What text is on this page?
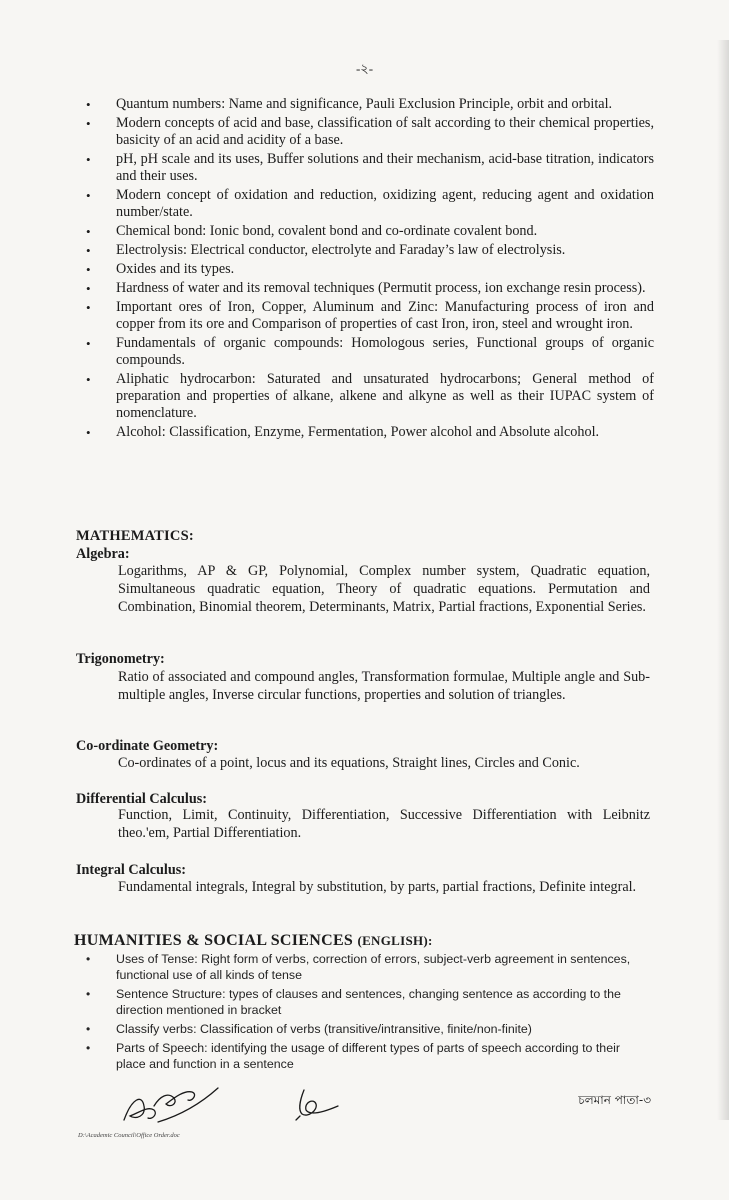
-২-
• Quantum numbers: Name and significance, Pauli Exclusion Principle, orbit and orbital.
• Modern concepts of acid and base, classification of salt according to their chemical properties, basicity of an acid and acidity of a base.
• pH, pH scale and its uses, Buffer solutions and their mechanism, acid-base titration, indicators and their uses.
• Modern concept of oxidation and reduction, oxidizing agent, reducing agent and oxidation number/state.
• Chemical bond: Ionic bond, covalent bond and co-ordinate covalent bond.
• Electrolysis: Electrical conductor, electrolyte and Faraday’s law of electrolysis.
• Oxides and its types.
• Hardness of water and its removal techniques (Permutit process, ion exchange resin process).
• Important ores of Iron, Copper, Aluminum and Zinc: Manufacturing process of iron and copper from its ore and Comparison of properties of cast Iron, iron, steel and wrought iron.
• Fundamentals of organic compounds: Homologous series, Functional groups of organic compounds.
• Aliphatic hydrocarbon: Saturated and unsaturated hydrocarbons; General method of preparation and properties of alkane, alkene and alkyne as well as their IUPAC system of nomenclature.
• Alcohol: Classification, Enzyme, Fermentation, Power alcohol and Absolute alcohol.
MATHEMATICS:
Algebra:
Logarithms, AP & GP, Polynomial, Complex number system, Quadratic equation, Simultaneous quadratic equation, Theory of quadratic equations. Permutation and Combination, Binomial theorem, Determinants, Matrix, Partial fractions, Exponential Series.
Trigonometry:
Ratio of associated and compound angles, Transformation formulae, Multiple angle and Sub-multiple angles, Inverse circular functions, properties and solution of triangles.
Co-ordinate Geometry:
Co-ordinates of a point, locus and its equations, Straight lines, Circles and Conic.
Differential Calculus:
Function, Limit, Continuity, Differentiation, Successive Differentiation with Leibnitz theo.'em, Partial Differentiation.
Integral Calculus:
Fundamental integrals, Integral by substitution, by parts, partial fractions, Definite integral.
HUMANITIES & SOCIAL SCIENCES (ENGLISH):
• Uses of Tense: Right form of verbs, correction of errors, subject-verb agreement in sentences, functional use of all kinds of tense
• Sentence Structure: types of clauses and sentences, changing sentence as according to the direction mentioned in bracket
• Classify verbs: Classification of verbs (transitive/intransitive, finite/non-finite)
• Parts of Speech: identifying the usage of different types of parts of speech according to their place and function in a sentence
D:\Academic Council\Office Order.doc
চলমান পাতা-৩
